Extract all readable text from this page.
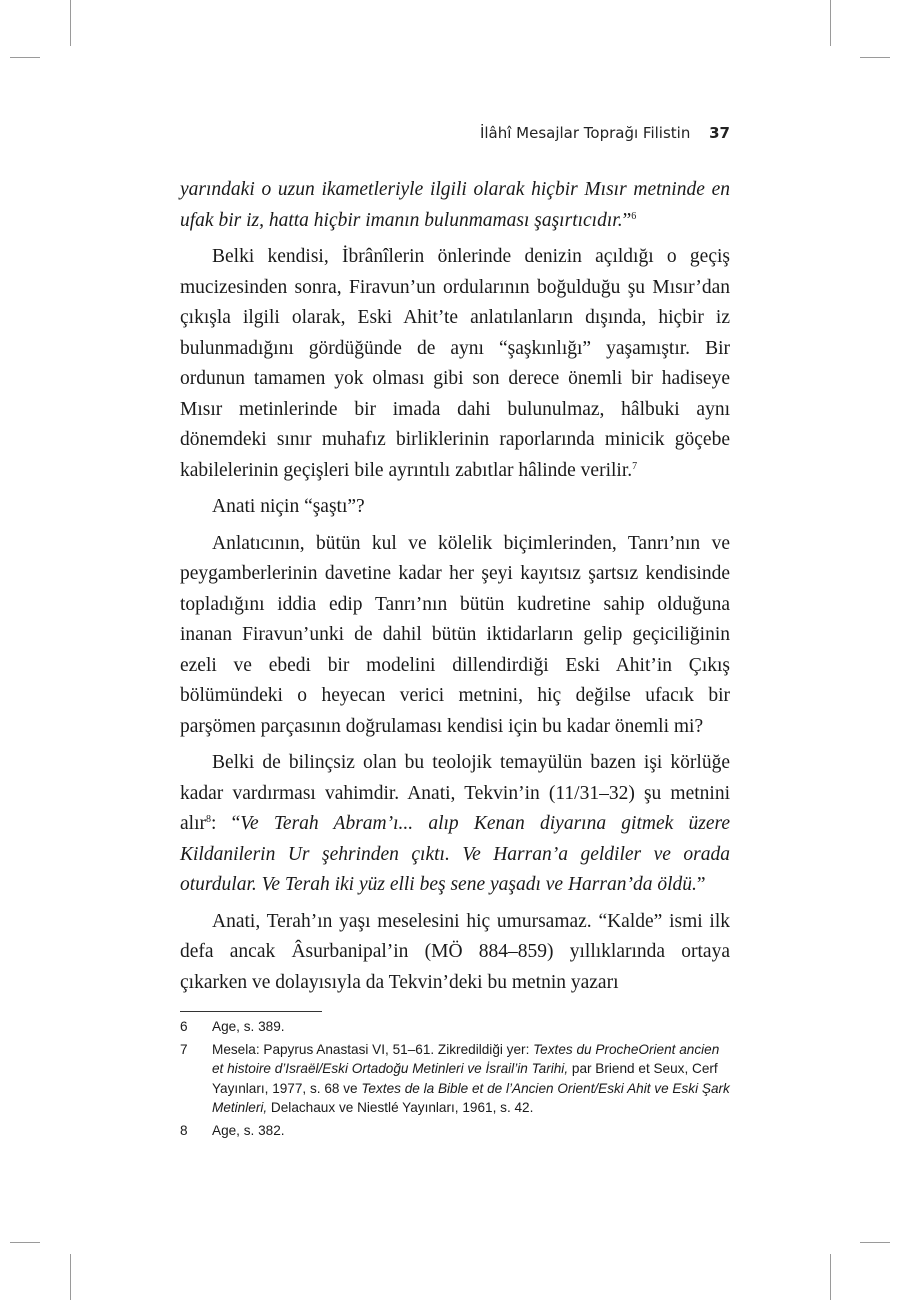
İlâhî Mesajlar Toprağı Filistin 37

yarındaki o uzun ikametleriyle ilgili olarak hiçbir Mısır metninde en ufak bir iz, hatta hiçbir imanın bulunmaması şaşırtıcıdır.”$^6$

Belki kendisi, İbrânîlerin önlerinde denizin açıldığı o geçiş mucizesinden sonra, Firavun’un ordularının boğulduğu şu Mısır’dan çıkışla ilgili olarak, Eski Ahit’te anlatılanların dışında, hiçbir iz bulunmadığını gördüğünde de aynı “şaşkınlığı” yaşamıştır. Bir ordunun tamamen yok olması gibi son derece önemli bir hadiseye Mısır metinlerinde bir imada dahi bulunulmaz, hâlbuki aynı dönemdeki sınır muhafız birliklerinin raporlarında minicik göçebe kabilelerinin geçişleri bile ayrıntılı zabıtlar hâlinde verilir.$^7$

Anati niçin “şaştı”?

Anlatıcının, bütün kul ve kölelik biçimlerinden, Tanrı’nın ve peygamberlerinin davetine kadar her şeyi kayıtsız şartsız kendisinde topladığını iddia edip Tanrı’nın bütün kudretine sahip olduğuna inanan Firavun’unki de dahil bütün iktidarların gelip geçiciliğinin ezeli ve ebedi bir modelini dillendirdiği Eski Ahit’in Çıkış bölümündeki o heyecan verici metnini, hiç değilse ufacık bir parşömen parçasının doğrulaması kendisi için bu kadar önemli mi?

Belki de bilinçsiz olan bu teolojik temayülün bazen işi körlüğe kadar vardırması vahimdir. Anati, Tekvin’in (11/31–32) şu metnini alır$^8$: “Ve Terah Abram’ı... alıp Kenan diyarına gitmek üzere Kildanilerin Ur şehrinden çıktı. Ve Harran’a geldiler ve orada oturdular. Ve Terah iki yüz elli beş sene yaşadı ve Harran’da öldü.”

Anati, Terah’ın yaşı meselesini hiç umursamaz. “Kalde” ismi ilk defa ancak Âsurbanipal’in (MÖ 884–859) yıllıklarında ortaya çıkarken ve dolayısıyla da Tekvin’deki bu metnin yazarı

6	Age, s. 389.
7	Mesela: Papyrus Anastasi VI, 51–61. Zikredildiği yer: Textes du ProcheOrient ancien et histoire d’Israël/Eski Ortadoğu Metinleri ve İsrail’in Tarihi, par Briend et Seux, Cerf Yayınları, 1977, s. 68 ve Textes de la Bible et de l’Ancien Orient/Eski Ahit ve Eski Şark Metinleri, Delachaux ve Niestlé Yayınları, 1961, s. 42.
8	Age, s. 382.
